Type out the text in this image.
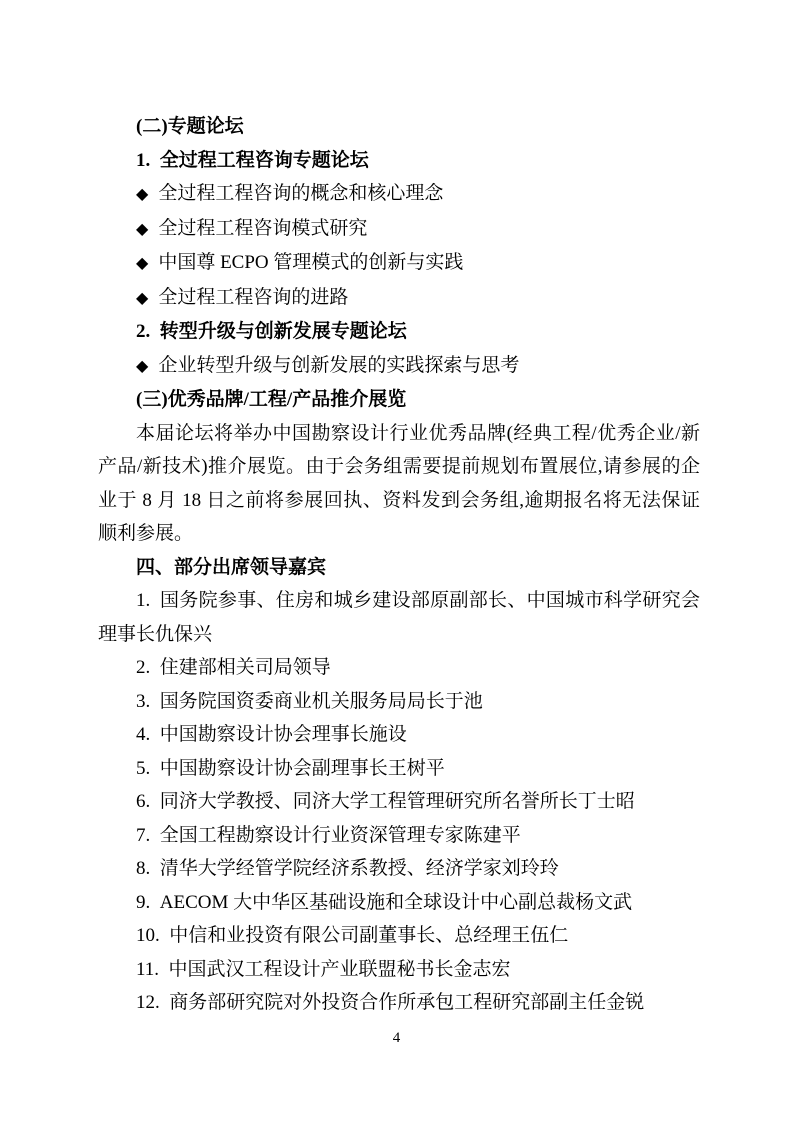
(二)专题论坛

1. 全过程工程咨询专题论坛

◆ 全过程工程咨询的概念和核心理念

◆ 全过程工程咨询模式研究

◆ 中国尊 ECPO 管理模式的创新与实践

◆ 全过程工程咨询的进路

2. 转型升级与创新发展专题论坛

◆ 企业转型升级与创新发展的实践探索与思考

(三)优秀品牌/工程/产品推介展览

本届论坛将举办中国勘察设计行业优秀品牌(经典工程/优秀企业/新产品/新技术)推介展览。由于会务组需要提前规划布置展位,请参展的企业于 8 月 18 日之前将参展回执、资料发到会务组,逾期报名将无法保证顺利参展。

四、部分出席领导嘉宾

1. 国务院参事、住房和城乡建设部原副部长、中国城市科学研究会理事长仇保兴

2. 住建部相关司局领导

3. 国务院国资委商业机关服务局局长于池

4. 中国勘察设计协会理事长施设

5. 中国勘察设计协会副理事长王树平

6. 同济大学教授、同济大学工程管理研究所名誉所长丁士昭

7. 全国工程勘察设计行业资深管理专家陈建平

8. 清华大学经管学院经济系教授、经济学家刘玲玲

9. AECOM 大中华区基础设施和全球设计中心副总裁杨文武

10. 中信和业投资有限公司副董事长、总经理王伍仁

11. 中国武汉工程设计产业联盟秘书长金志宏

12. 商务部研究院对外投资合作所承包工程研究部副主任金锐

4
